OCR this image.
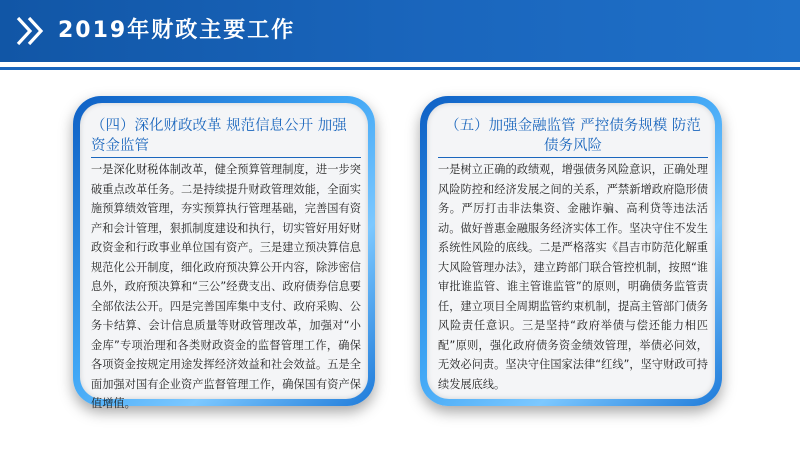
2019年财政主要工作
（四）深化财政改革 规范信息公开 加强资金监管
一是深化财税体制改革，健全预算管理制度，进一步突破重点改革任务。二是持续提升财政管理效能，全面实施预算绩效管理，夯实预算执行管理基础，完善国有资产和会计管理，狠抓制度建设和执行，切实管好用好财政资金和行政事业单位国有资产。三是建立预决算信息规范化公开制度，细化政府预决算公开内容，除涉密信息外，政府预决算和“三公”经费支出、政府债券信息要全部依法公开。四是完善国库集中支付、政府采购、公务卡结算、会计信息质量等财政管理改革，加强对“小金库”专项治理和各类财政资金的监督管理工作，确保各项资金按规定用途发挥经济效益和社会效益。五是全面加强对国有企业资产监督管理工作，确保国有资产保值增值。
（五）加强金融监管 严控债务规模 防范债务风险
一是树立正确的政绩观，增强债务风险意识，正确处理风险防控和经济发展之间的关系，严禁新增政府隐形债务。严厉打击非法集资、金融诈骗、高利贷等违法活动。做好普惠金融服务经济实体工作。坚决守住不发生系统性风险的底线。二是严格落实《昌吉市防范化解重大风险管理办法》，建立跨部门联合管控机制，按照“谁审批谁监管、谁主管谁监管”的原则，明确债务监管责任，建立项目全周期监管约束机制，提高主管部门债务风险责任意识。三是坚持“政府举债与偿还能力相匹配”原则，强化政府债务资金绩效管理，举债必问效，无效必问责。坚决守住国家法律“红线”，坚守财政可持续发展底线。
